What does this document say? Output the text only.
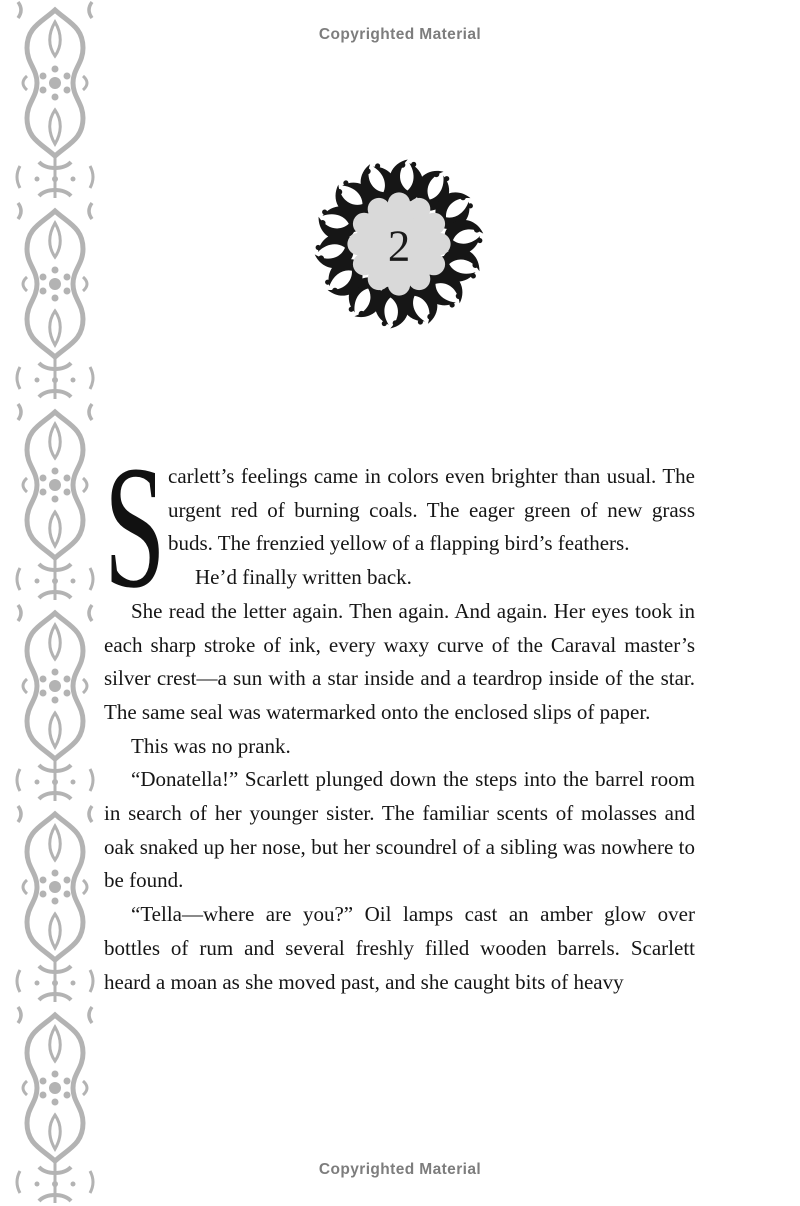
Copyrighted Material
2

Scarlett’s feelings came in colors even brighter than usual. The urgent red of burning coals. The eager green of new grass buds. The frenzied yellow of a flapping bird’s feathers.

He’d finally written back.

She read the letter again. Then again. And again. Her eyes took in each sharp stroke of ink, every waxy curve of the Caraval master’s silver crest—a sun with a star inside and a teardrop inside of the star. The same seal was watermarked onto the enclosed slips of paper.

This was no prank.

“Donatella!” Scarlett plunged down the steps into the barrel room in search of her younger sister. The familiar scents of molasses and oak snaked up her nose, but her scoundrel of a sibling was nowhere to be found.

“Tella—where are you?” Oil lamps cast an amber glow over bottles of rum and several freshly filled wooden barrels. Scarlett heard a moan as she moved past, and she caught bits of heavy

Copyrighted Material
